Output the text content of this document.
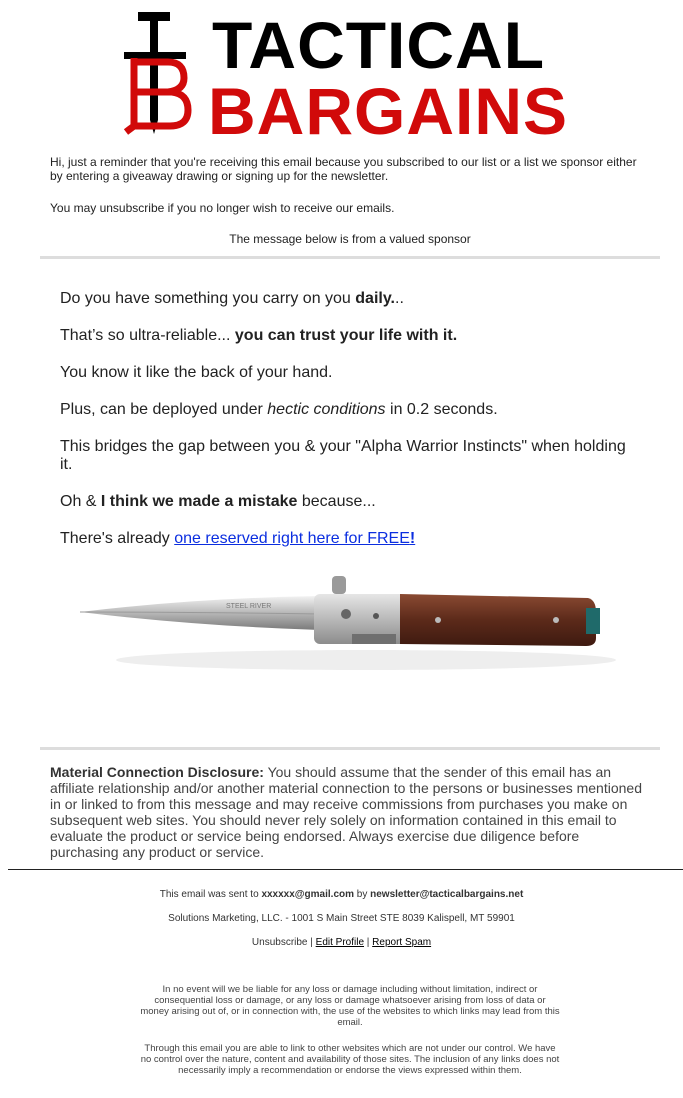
TACTICAL
BARGAINS

Hi, just a reminder that you're receiving this email because you subscribed to our list or a list we sponsor either by entering a giveaway drawing or signing up for the newsletter.

You may unsubscribe if you no longer wish to receive our emails.

The message below is from a valued sponsor

Do you have something you carry on you daily...

That’s so ultra-reliable... you can trust your life with it.

You know it like the back of your hand.

Plus, can be deployed under hectic conditions in 0.2 seconds.

This bridges the gap between you & your "Alpha Warrior Instincts" when holding it.

Oh & I think we made a mistake because...

There's already one reserved right here for FREE!

STEEL RIVER
Material Connection Disclosure: You should assume that the sender of this email has an affiliate relationship and/or another material connection to the persons or businesses mentioned in or linked to from this message and may receive commissions from purchases you make on subsequent web sites. You should never rely solely on information contained in this email to evaluate the product or service being endorsed. Always exercise due diligence before purchasing any product or service.
This email was sent to xxxxxx@gmail.com by newsletter@tacticalbargains.net
Solutions Marketing, LLC. - 1001 S Main Street STE 8039 Kalispell, MT 59901
Unsubscribe | Edit Profile | Report Spam
In no event will we be liable for any loss or damage including without limitation, indirect or consequential loss or damage, or any loss or damage whatsoever arising from loss of data or money arising out of, or in connection with, the use of the websites to which links may lead from this email.
Through this email you are able to link to other websites which are not under our control. We have no control over the nature, content and availability of those sites. The inclusion of any links does not necessarily imply a recommendation or endorse the views expressed within them.
